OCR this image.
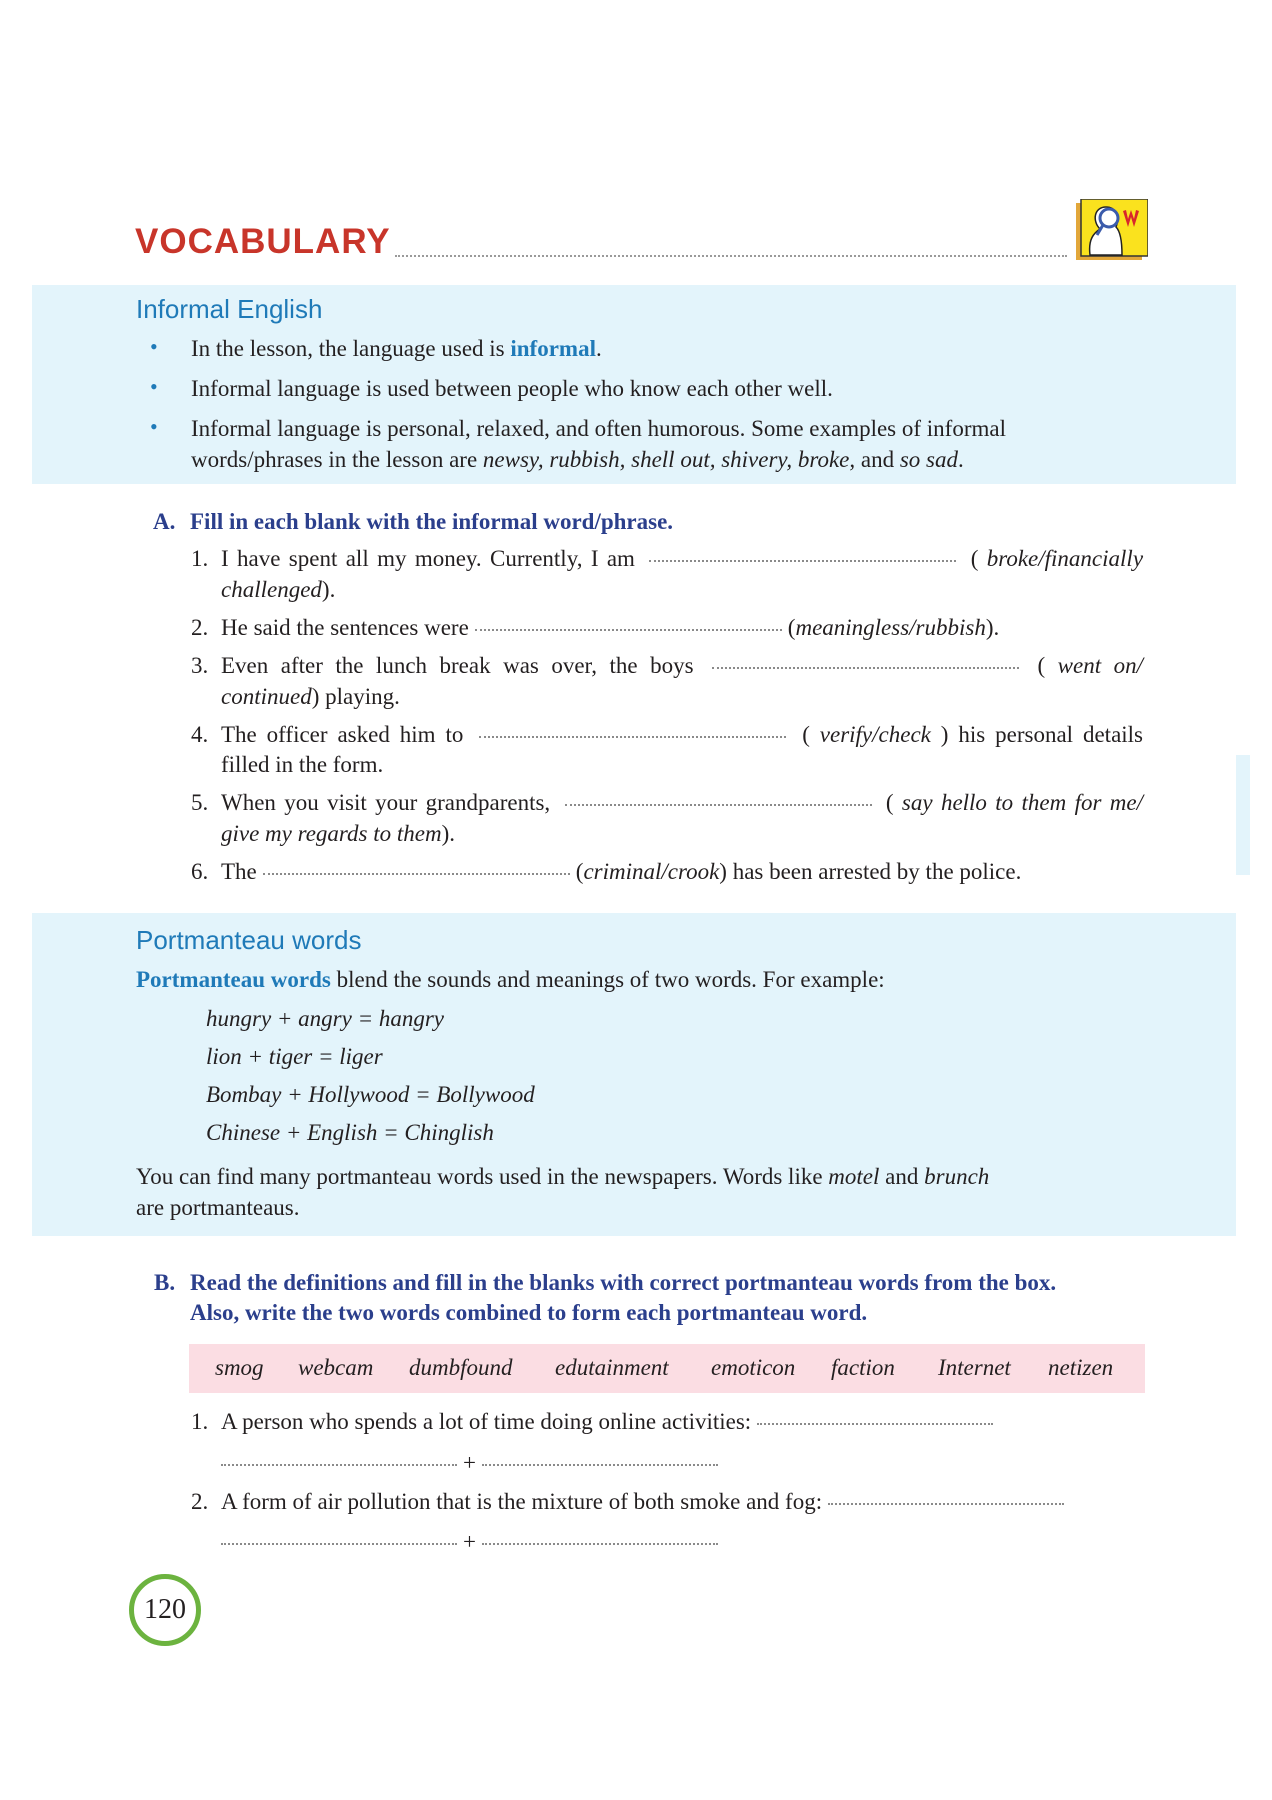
VOCABULARY
Informal English
• In the lesson, the language used is informal.
• Informal language is used between people who know each other well.
• Informal language is personal, relaxed, and often humorous. Some examples of informal
words/phrases in the lesson are newsy, rubbish, shell out, shivery, broke, and so sad.
A. Fill in each blank with the informal word/phrase.
1. I have spent all my money. Currently, I am	( broke/financially
challenged).
2. He said the sentences were	(meaningless/rubbish).
3. Even after the lunch break was over, the boys	( went on/
continued) playing.
4. The officer asked him to	( verify/check ) his personal details
filled in the form.
5. When you visit your grandparents,	( say hello to them for me/
give my regards to them).
6. The	(criminal/crook) has been arrested by the police.
Portmanteau words
Portmanteau words blend the sounds and meanings of two words. For example:
hungry + angry = hangry
lion + tiger = liger
Bombay + Hollywood = Bollywood
Chinese + English = Chinglish
You can find many portmanteau words used in the newspapers. Words like motel and brunch
are portmanteaus.
B. Read the definitions and fill in the blanks with correct portmanteau words from the box.
Also, write the two words combined to form each portmanteau word.
1. A person who spends a lot of time doing online activities:
+
2. A form of air pollution that is the mixture of both smoke and fog:
+
smog webcam dumbfound edutainment emoticon faction Internet netizen
120
